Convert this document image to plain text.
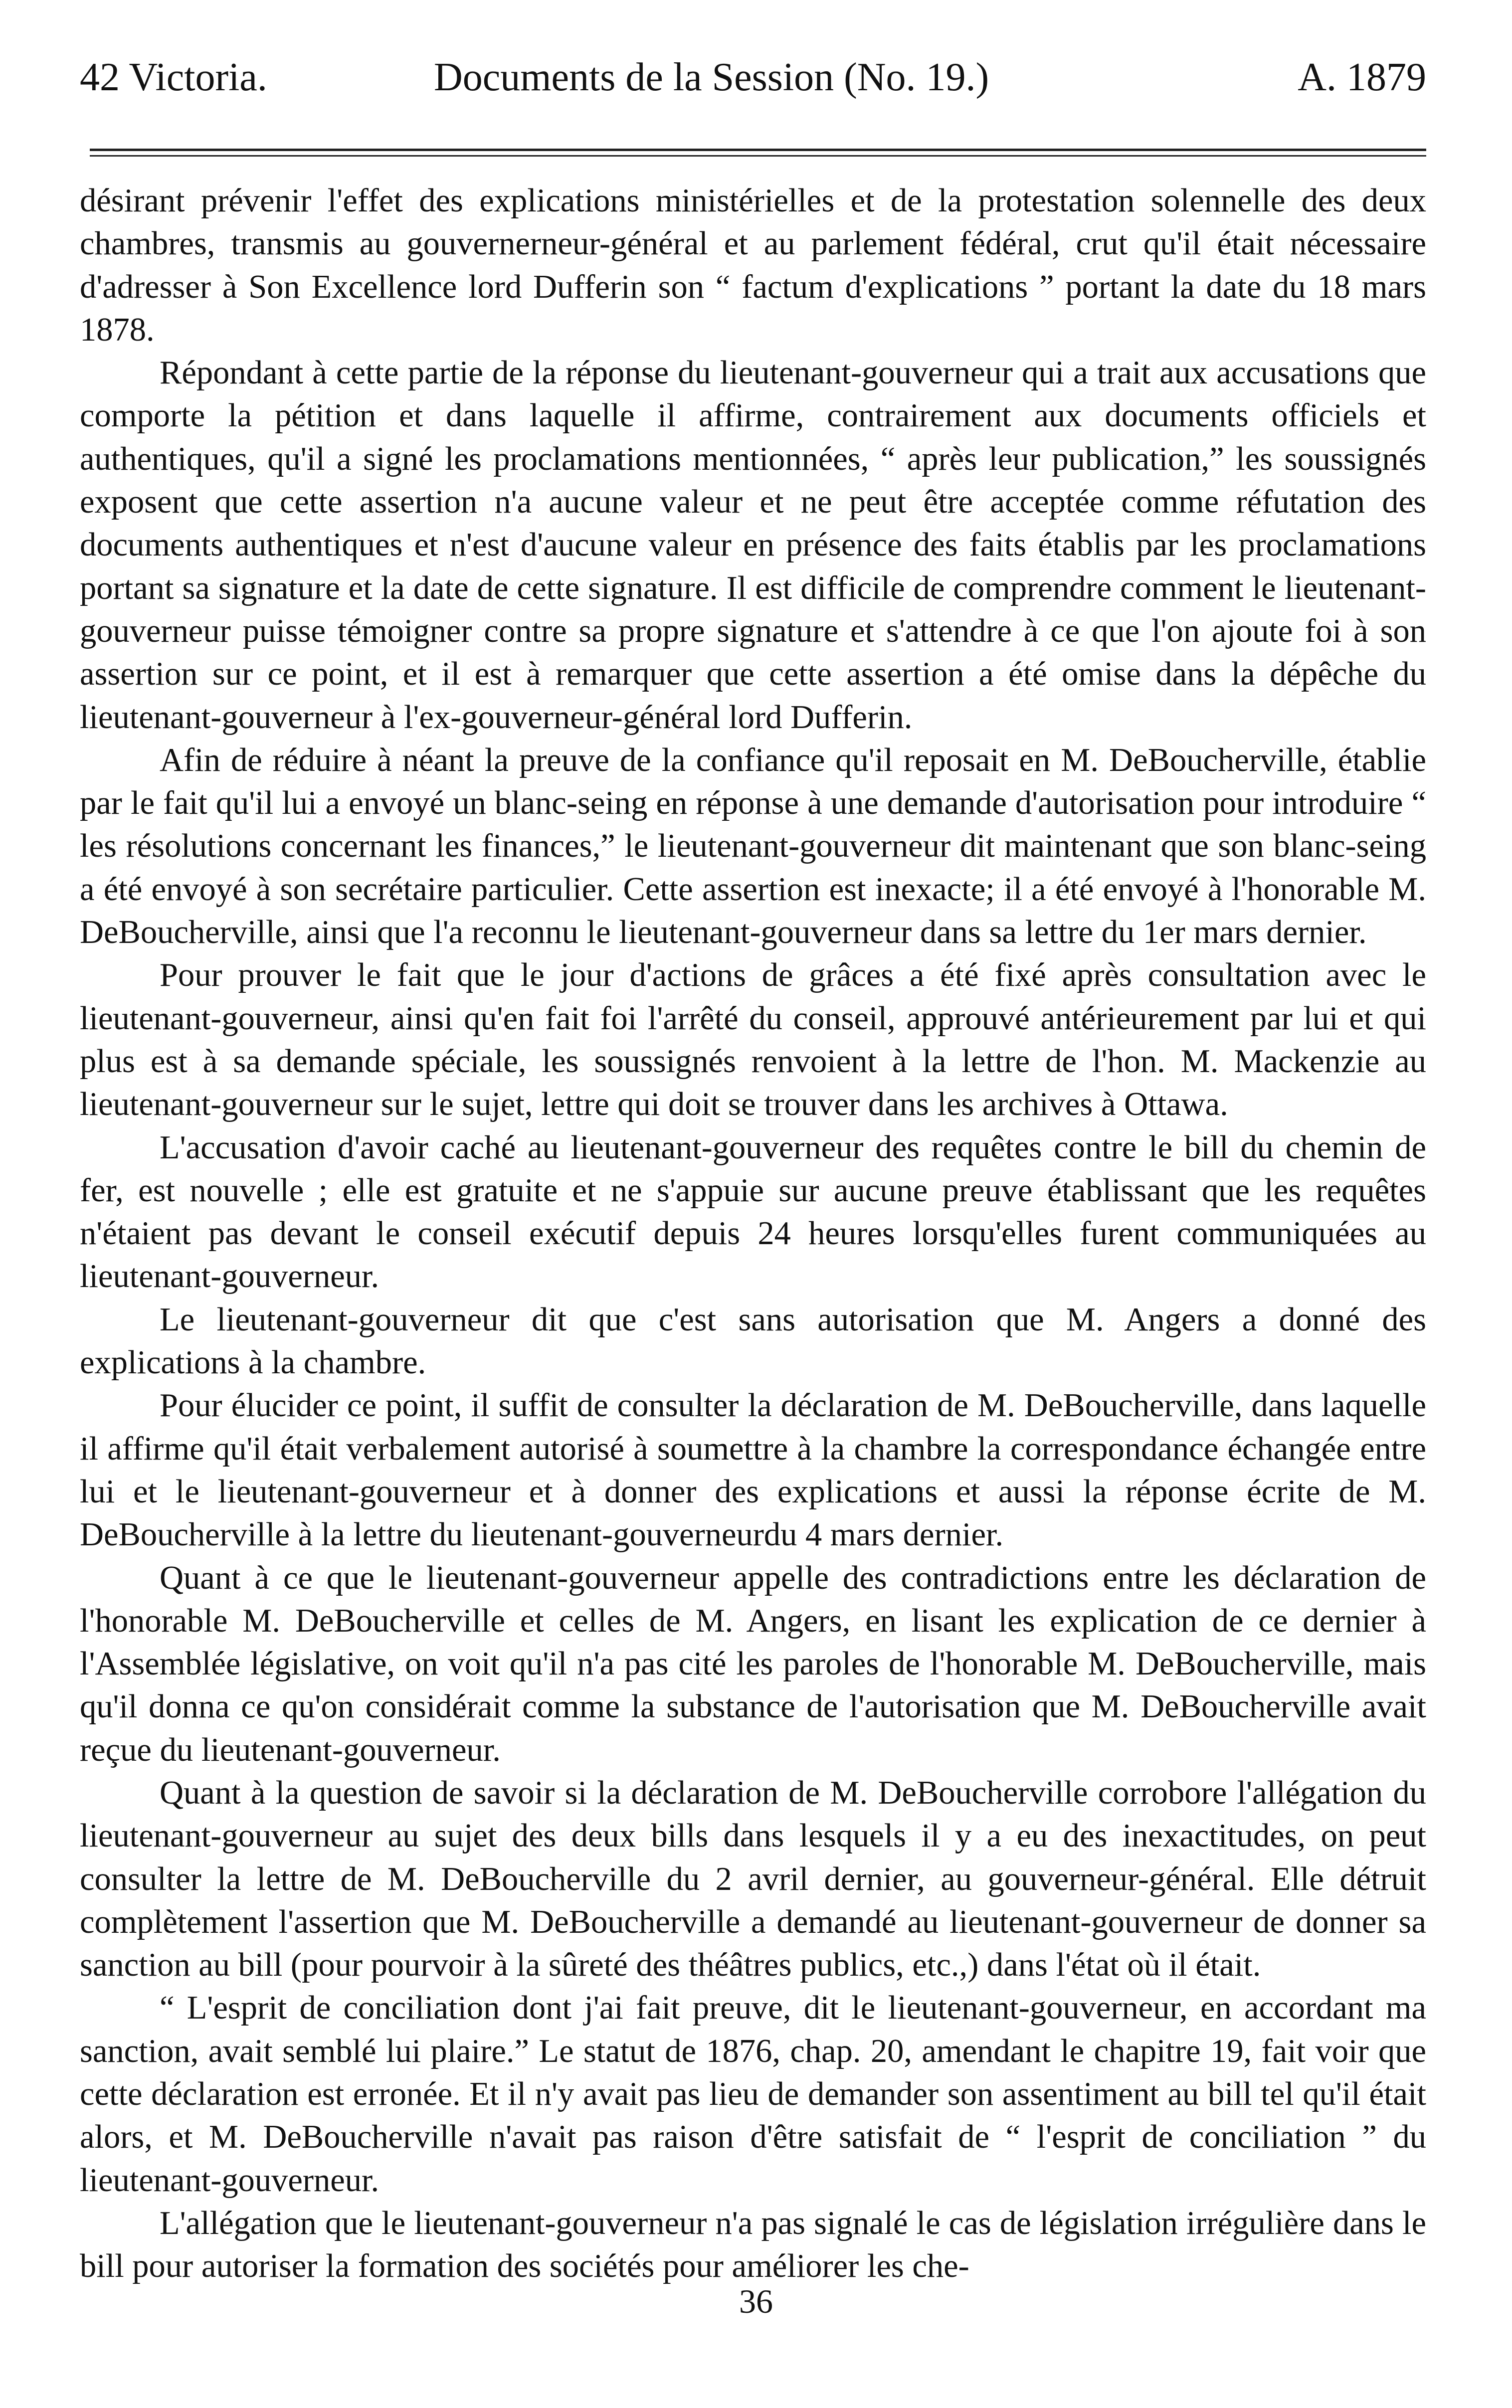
42 Victoria.	Documents de la Session (No. 19.)	A. 1879

désirant prévenir l'effet des explications ministérielles et de la protestation solennelle des deux chambres, transmis au gouvernerneur-général et au parlement fédéral, crut qu'il était nécessaire d'adresser à Son Excellence lord Dufferin son “ factum d'explications ” portant la date du 18 mars 1878.

Répondant à cette partie de la réponse du lieutenant-gouverneur qui a trait aux accusations que comporte la pétition et dans laquelle il affirme, contrairement aux documents officiels et authentiques, qu'il a signé les proclamations mentionnées, “ après leur publication,” les soussignés exposent que cette assertion n'a aucune valeur et ne peut être acceptée comme réfutation des documents authentiques et n'est d'aucune valeur en présence des faits établis par les proclamations portant sa signature et la date de cette signature. Il est difficile de comprendre comment le lieutenant-gouverneur puisse témoigner contre sa propre signature et s'attendre à ce que l'on ajoute foi à son assertion sur ce point, et il est à remarquer que cette assertion a été omise dans la dépêche du lieutenant-gouverneur à l'ex-gouverneur-général lord Dufferin.

Afin de réduire à néant la preuve de la confiance qu'il reposait en M. DeBoucherville, établie par le fait qu'il lui a envoyé un blanc-seing en réponse à une demande d'autorisation pour introduire “ les résolutions concernant les finances,” le lieutenant-gouverneur dit maintenant que son blanc-seing a été envoyé à son secrétaire particulier. Cette assertion est inexacte; il a été envoyé à l'honorable M. DeBoucherville, ainsi que l'a reconnu le lieutenant-gouverneur dans sa lettre du 1er mars dernier.

Pour prouver le fait que le jour d'actions de grâces a été fixé après consultation avec le lieutenant-gouverneur, ainsi qu'en fait foi l'arrêté du conseil, approuvé antérieurement par lui et qui plus est à sa demande spéciale, les soussignés renvoient à la lettre de l'hon. M. Mackenzie au lieutenant-gouverneur sur le sujet, lettre qui doit se trouver dans les archives à Ottawa.

L'accusation d'avoir caché au lieutenant-gouverneur des requêtes contre le bill du chemin de fer, est nouvelle ; elle est gratuite et ne s'appuie sur aucune preuve établissant que les requêtes n'étaient pas devant le conseil exécutif depuis 24 heures lorsqu'elles furent communiquées au lieutenant-gouverneur.

Le lieutenant-gouverneur dit que c'est sans autorisation que M. Angers a donné des explications à la chambre.

Pour élucider ce point, il suffit de consulter la déclaration de M. DeBoucherville, dans laquelle il affirme qu'il était verbalement autorisé à soumettre à la chambre la correspondance échangée entre lui et le lieutenant-gouverneur et à donner des explications et aussi la réponse écrite de M. DeBoucherville à la lettre du lieutenant-gouverneurdu 4 mars dernier.

Quant à ce que le lieutenant-gouverneur appelle des contradictions entre les déclaration de l'honorable M. DeBoucherville et celles de M. Angers, en lisant les explication de ce dernier à l'Assemblée législative, on voit qu'il n'a pas cité les paroles de l'honorable M. DeBoucherville, mais qu'il donna ce qu'on considérait comme la substance de l'autorisation que M. DeBoucherville avait reçue du lieutenant-gouverneur.

Quant à la question de savoir si la déclaration de M. DeBoucherville corrobore l'allégation du lieutenant-gouverneur au sujet des deux bills dans lesquels il y a eu des inexactitudes, on peut consulter la lettre de M. DeBoucherville du 2 avril dernier, au gouverneur-général. Elle détruit complètement l'assertion que M. DeBoucherville a demandé au lieutenant-gouverneur de donner sa sanction au bill (pour pourvoir à la sûreté des théâtres publics, etc.,) dans l'état où il était.

“ L'esprit de conciliation dont j'ai fait preuve, dit le lieutenant-gouverneur, en accordant ma sanction, avait semblé lui plaire.” Le statut de 1876, chap. 20, amendant le chapitre 19, fait voir que cette déclaration est erronée. Et il n'y avait pas lieu de demander son assentiment au bill tel qu'il était alors, et M. DeBoucherville n'avait pas raison d'être satisfait de “ l'esprit de conciliation ” du lieutenant-gouverneur.

L'allégation que le lieutenant-gouverneur n'a pas signalé le cas de législation irrégulière dans le bill pour autoriser la formation des sociétés pour améliorer les che-

36
